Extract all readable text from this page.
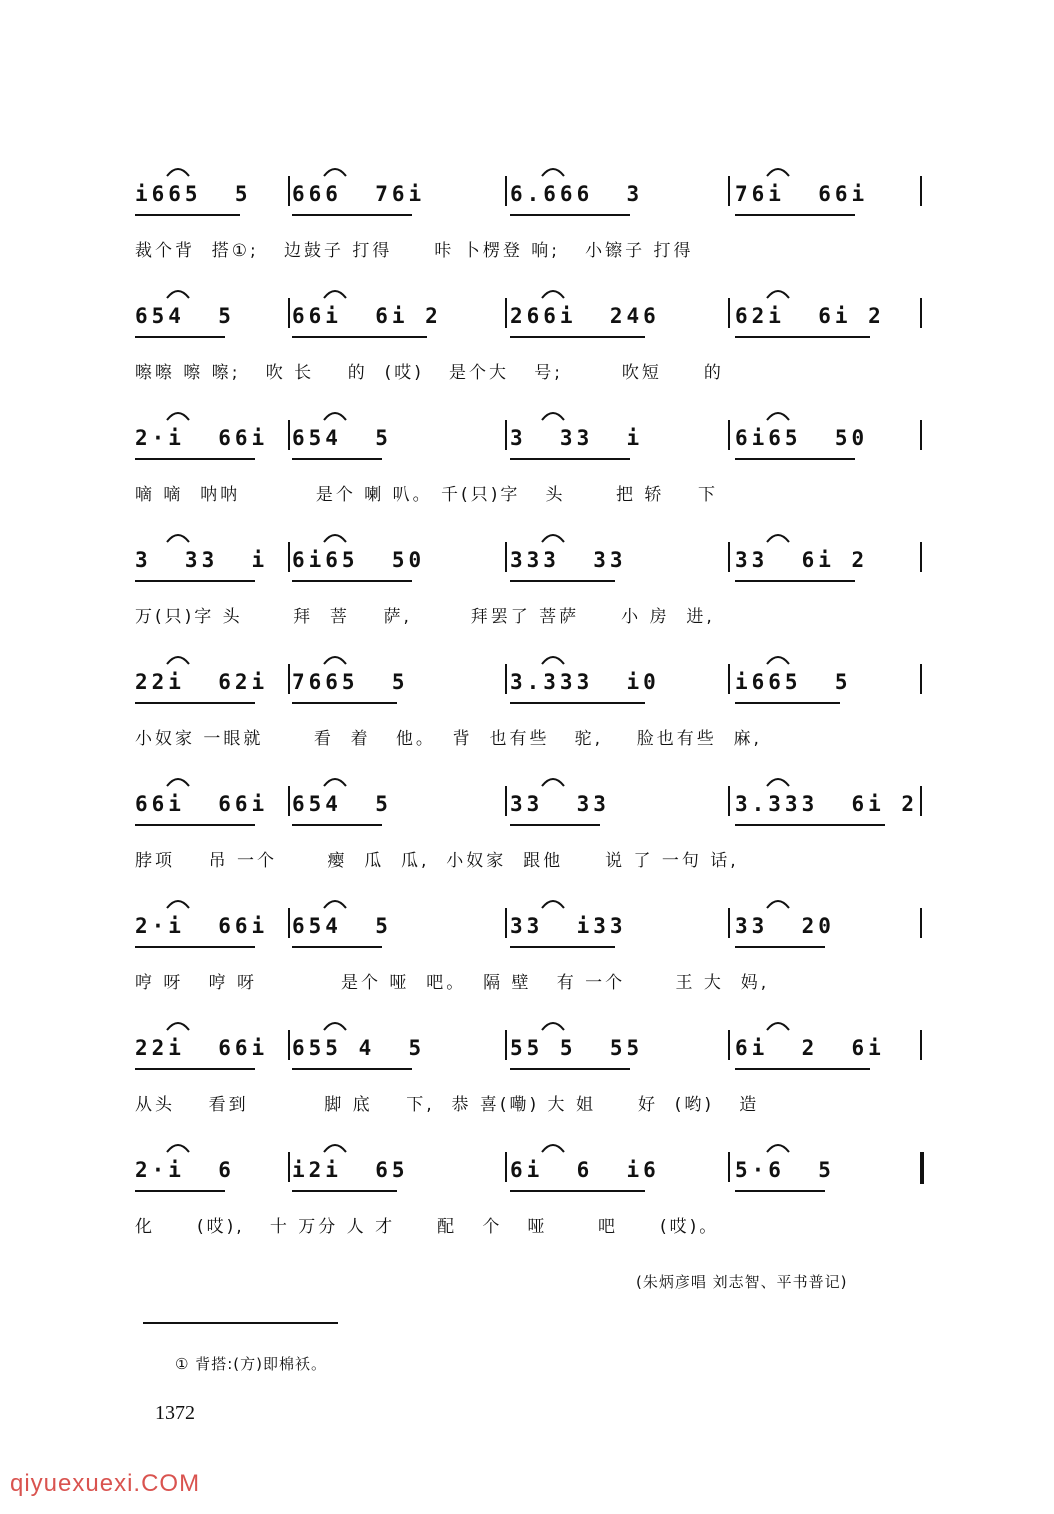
i665  5 666  76i	6.666  3	76i  66i
裁个背  搭①;   边鼓子 打得     咔 卜楞登 响;   小镲子 打得
654  5	66i  6i 2	266i  246	62i  6i 2
嚓嚓 嚓 嚓;   吹 长    的  (哎)   是个大   号;       吹短     的
2·i  66i 654  5	3  33  i	6i65  50
嘀 嘀  呐呐         是个 喇 叭。 千(只)字   头      把 轿    下
3  33  i 6i65  50	333  33	33  6i 2
万(只)字 头      拜  菩    萨,       拜罢了 菩萨     小 房  进,
22i  62i 7665  5	3.333  i0	i665  5
小奴家 一眼就      看  着   他。  背  也有些   驼,    脸也有些  麻,
66i  66i 654  5	33  33	3.333  6i 2
脖项    吊 一个      瘿  瓜  瓜,  小奴家  跟他     说 了 一句 话,
2·i  66i 654  5	33  i33	33  20
哼 呀   哼 呀          是个 哑  吧。  隔 壁   有 一个      王 大  妈,
22i  66i 655 4  5	55 5  55	6i  2  6i
从头    看到         脚 底    下,  恭 喜(嘞) 大 姐     好  (哟)   造
2·i  6	i2i  65	6i  6  i6	5·6  5
化     (哎),   十 万分 人 才     配   个   哑      吧     (哎)。
(朱炳彦唱 刘志智、平书普记)
① 背搭:(方)即棉袄。
1372
qiyuexuexi.COM
